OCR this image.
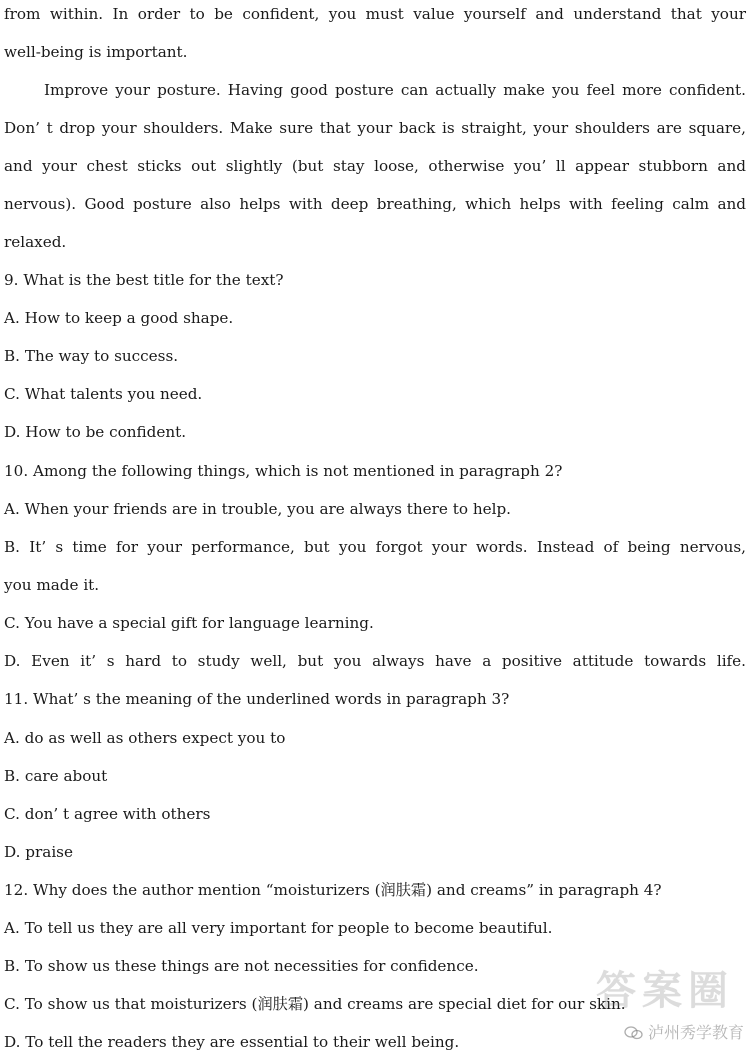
from within. In order to be confident, you must value yourself and understand that your
well-being is important.
Improve your posture. Having good posture can actually make you feel more confident.
Don’ t drop your shoulders. Make sure that your back is straight, your shoulders are square,
and your chest sticks out slightly (but stay loose, otherwise you’ ll appear stubborn and
nervous). Good posture also helps with deep breathing, which helps with feeling calm and
relaxed.
9. What is the best title for the text?
A. How to keep a good shape.
B. The way to success.
C. What talents you need.
D. How to be confident.
10. Among the following things, which is not mentioned in paragraph 2?
A. When your friends are in trouble, you are always there to help.
B. It’ s time for your performance, but you forgot your words. Instead of being nervous,
you made it.
C. You have a special gift for language learning.
D. Even it’ s hard to study well, but you always have a positive attitude towards life.
11. What’ s the meaning of the underlined words in paragraph 3?
A. do as well as others expect you to
B. care about
C. don’ t agree with others
D. praise
12. Why does the author mention “moisturizers (润肤霜) and creams” in paragraph 4?
A. To tell us they are all very important for people to become beautiful.
B. To show us these things are not necessities for confidence.
C. To show us that moisturizers (润肤霜) and creams are special diet for our skin.
D. To tell the readers they are essential to their well being.
答案圈
泸州秀学教育
